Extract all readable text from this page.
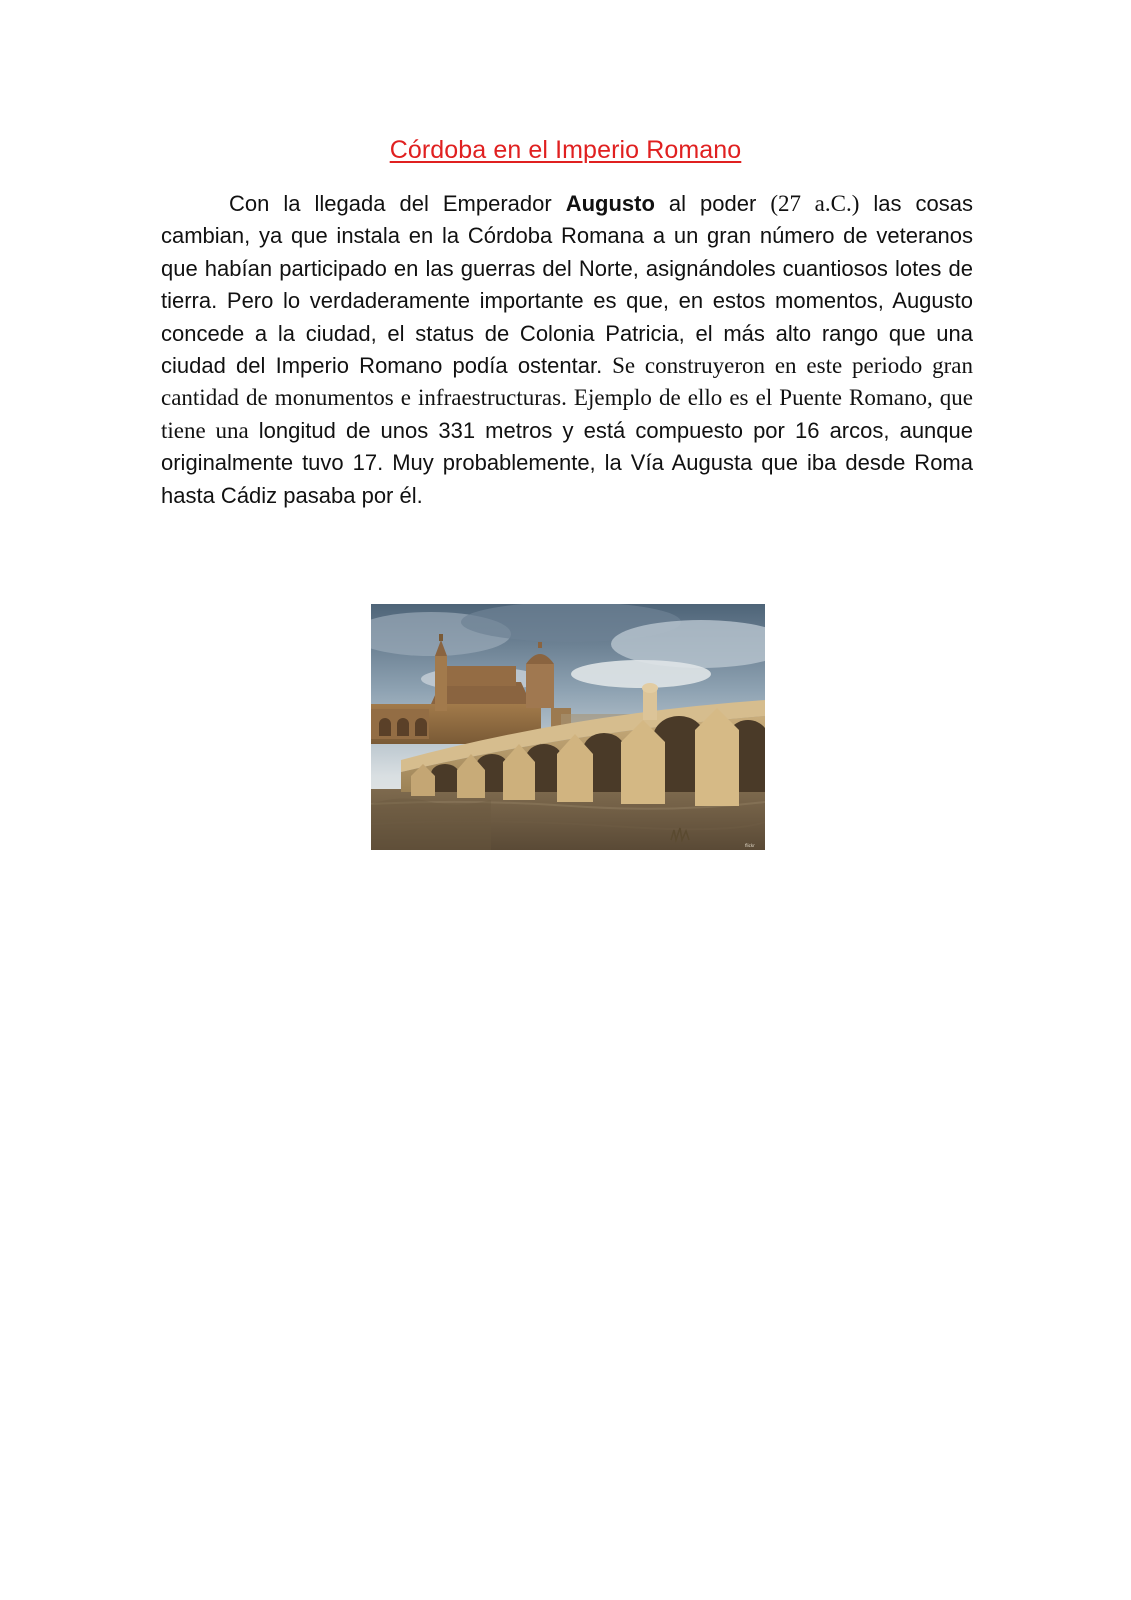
Córdoba en el Imperio Romano

Con la llegada del Emperador Augusto al poder (27 a.C.) las cosas cambian, ya que instala en la Córdoba Romana a un gran número de veteranos que habían participado en las guerras del Norte, asignándoles cuantiosos lotes de tierra. Pero lo verdaderamente importante es que, en estos momentos, Augusto concede a la ciudad, el status de Colonia Patricia, el más alto rango que una ciudad del Imperio Romano podía ostentar. Se construyeron en este periodo gran cantidad de monumentos e infraestructuras. Ejemplo de ello es el Puente Romano, que tiene una longitud de unos 331 metros y está compuesto por 16 arcos, aunque originalmente tuvo 17. Muy probablemente, la Vía Augusta que iba desde Roma hasta Cádiz pasaba por él.

flickr
